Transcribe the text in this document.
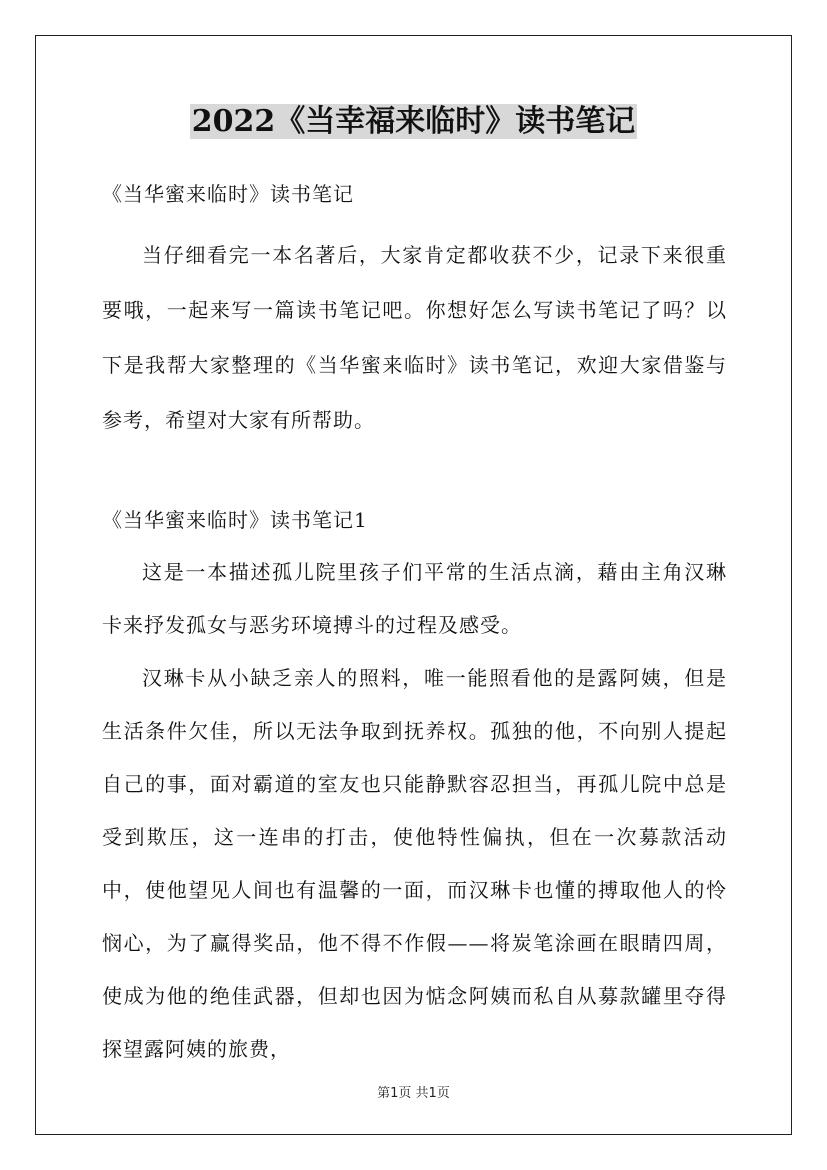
2022《当幸福来临时》读书笔记

《当华蜜来临时》读书笔记

当仔细看完一本名著后，大家肯定都收获不少，记录下来很重要哦，一起来写一篇读书笔记吧。你想好怎么写读书笔记了吗？以下是我帮大家整理的《当华蜜来临时》读书笔记，欢迎大家借鉴与参考，希望对大家有所帮助。

《当华蜜来临时》读书笔记1

这是一本描述孤儿院里孩子们平常的生活点滴，藉由主角汉琳卡来抒发孤女与恶劣环境搏斗的过程及感受。

汉琳卡从小缺乏亲人的照料，唯一能照看他的是露阿姨，但是生活条件欠佳，所以无法争取到抚养权。孤独的他，不向别人提起自己的事，面对霸道的室友也只能静默容忍担当，再孤儿院中总是受到欺压，这一连串的打击，使他特性偏执，但在一次募款活动中，使他望见人间也有温馨的一面，而汉琳卡也懂的搏取他人的怜悯心，为了赢得奖品，他不得不作假——将炭笔涂画在眼睛四周，使成为他的绝佳武器，但却也因为惦念阿姨而私自从募款罐里夺得探望露阿姨的旅费，

第1页 共1页
